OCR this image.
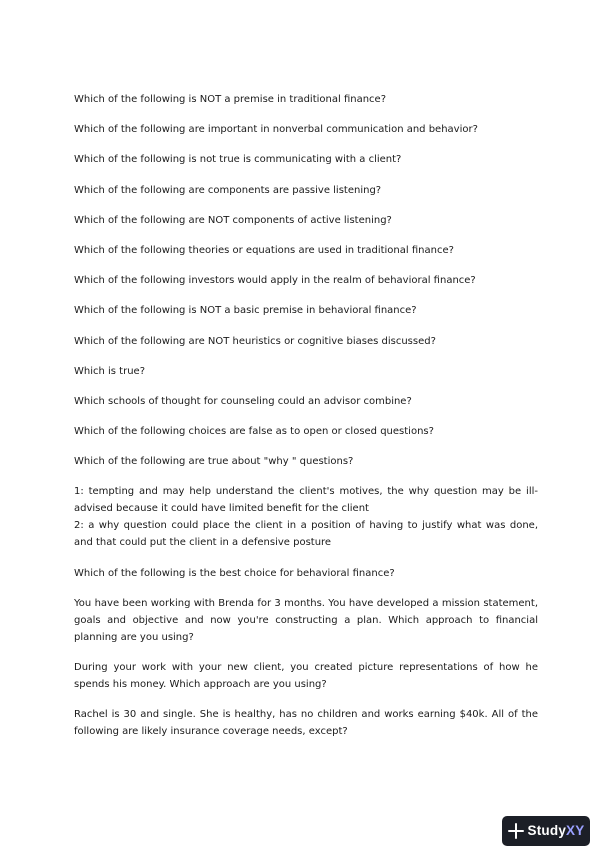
Which of the following is NOT a premise in traditional finance?

Which of the following are important in nonverbal communication and behavior?

Which of the following is not true is communicating with a client?

Which of the following are components are passive listening?

Which of the following are NOT components of active listening?

Which of the following theories or equations are used in traditional finance?

Which of the following investors would apply in the realm of behavioral finance?

Which of the following is NOT a basic premise in behavioral finance?

Which of the following are NOT heuristics or cognitive biases discussed?

Which is true?

Which schools of thought for counseling could an advisor combine?

Which of the following choices are false as to open or closed questions?

Which of the following are true about "why " questions?

1: tempting and may help understand the client's motives, the why question may be ill-advised because it could have limited benefit for the client
2: a why question could place the client in a position of having to justify what was done, and that could put the client in a defensive posture

Which of the following is the best choice for behavioral finance?

You have been working with Brenda for 3 months. You have developed a mission statement, goals and objective and now you're constructing a plan. Which approach to financial planning are you using?

During your work with your new client, you created picture representations of how he spends his money. Which approach are you using?

Rachel is 30 and single. She is healthy, has no children and works earning $40k. All of the following are likely insurance coverage needs, except?

StudyXY
